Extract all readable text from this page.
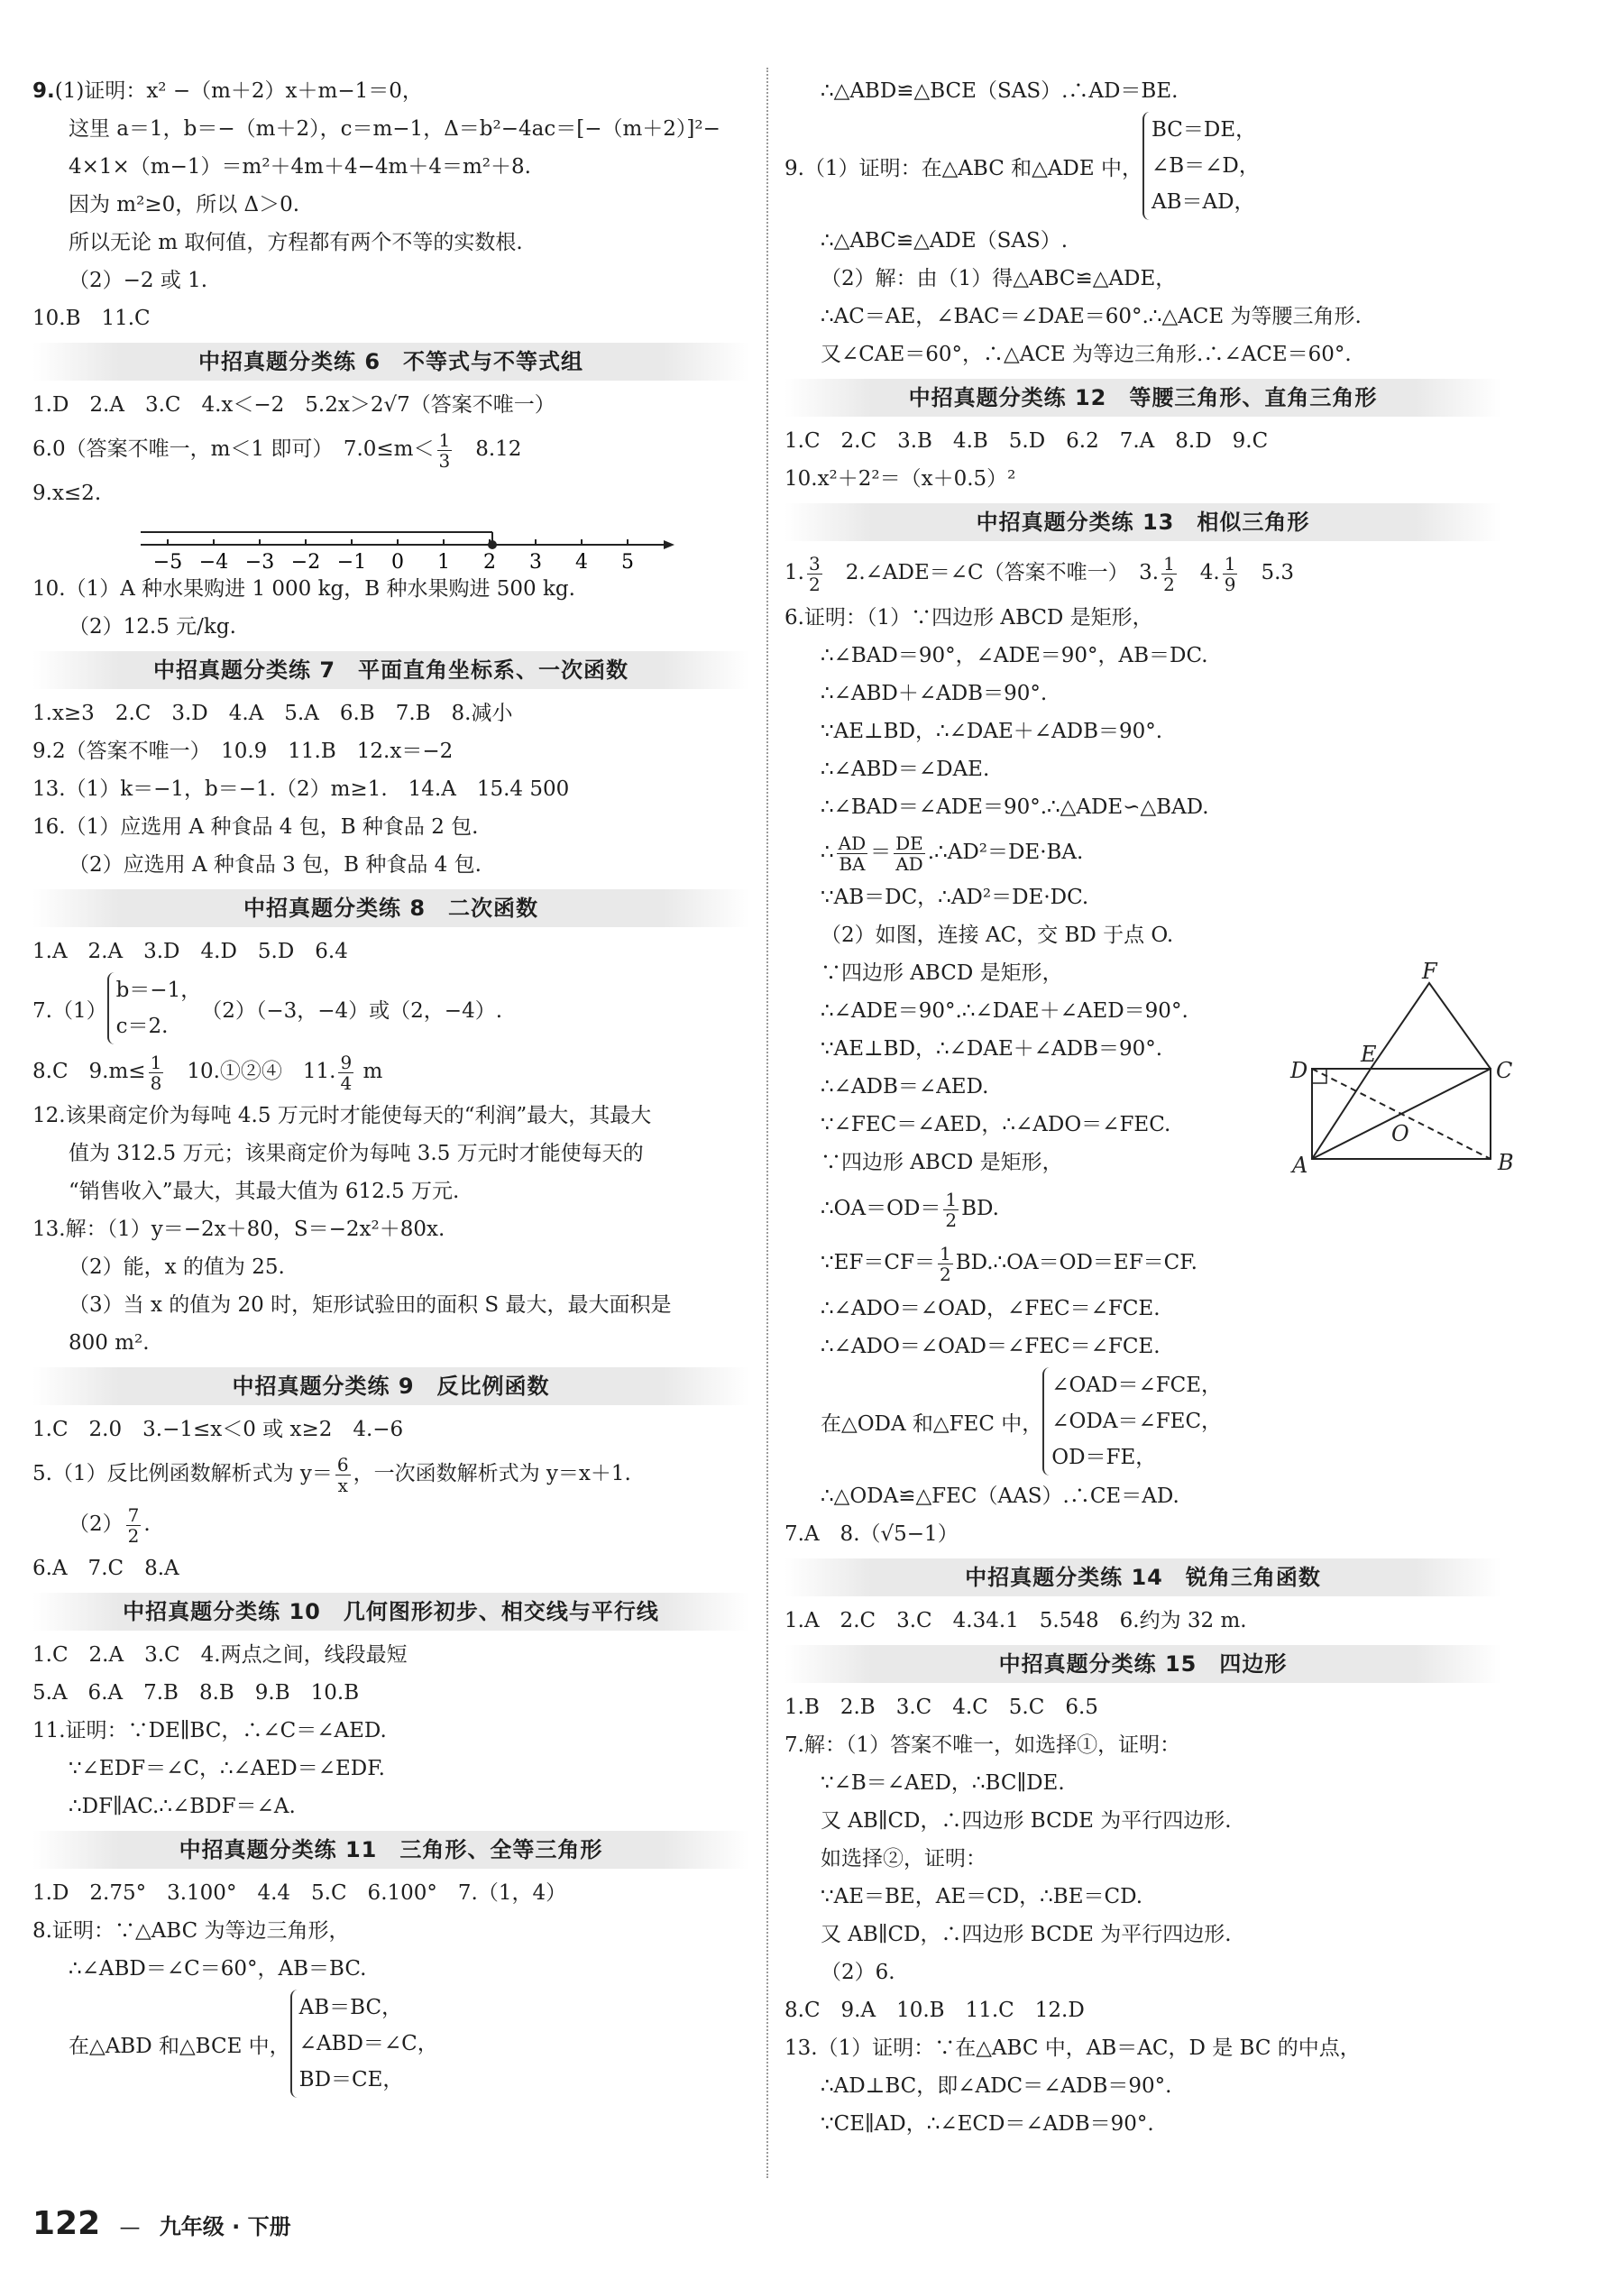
9.(1)证明：x² −（m＋2）x＋m−1＝0，
这里 a＝1，b＝−（m＋2），c＝m−1，Δ＝b²−4ac＝[−（m＋2）]²−
4×1×（m−1）＝m²＋4m＋4−4m＋4＝m²＋8.
因为 m²≥0，所以 Δ＞0.
所以无论 m 取何值，方程都有两个不等的实数根.
（2）−2 或 1.
10.B　11.C
中招真题分类练 6　不等式与不等式组
1.D　2.A　3.C　4.x＜−2　5.2x＞2√7（答案不唯一）
6.0（答案不唯一，m＜1 即可）　$7.0\le m< \frac{1}{3}$ 　8.12
9.x≤2.
−5 −4 −3 −2 −1 0 1 2 3 4 5
10.（1）A 种水果购进 1 000 kg，B 种水果购进 500 kg.
（2）12.5 元/kg.
中招真题分类练 7　平面直角坐标系、一次函数
1.x≥3　2.C　3.D　4.A　5.A　6.B　7.B　8.减小
9.2（答案不唯一）　10.9　11.B　12.x＝−2
13.（1）k＝−1，b＝−1.（2）m≥1.　14.A　15.4 500
16.（1）应选用 A 种食品 4 包，B 种食品 2 包.
（2）应选用 A 种食品 3 包，B 种食品 4 包.
中招真题分类练 8　二次函数
1.A　2.A　3.D　4.D　5.D　6.4
7.（1）
b＝−1，
c＝2.
（2）（−3，−4）或（2，−4）.
8.C　$9.m\le \frac{1}{8}$ 　10.①②④　11. $\frac{9}{4}$ m
12.该果商定价为每吨 4.5 万元时才能使每天的“利润”最大，其最大
值为 312.5 万元；该果商定价为每吨 3.5 万元时才能使每天的
“销售收入”最大，其最大值为 612.5 万元.
13.解：（1）y＝−2x＋80，S＝−2x²＋80x.
（2）能，x 的值为 25.
（3）当 x 的值为 20 时，矩形试验田的面积 S 最大，最大面积是
800 m².
中招真题分类练 9　反比例函数
1.C　2.0　3.−1≤x＜0 或 x≥2　4.−6
5.（1）反比例函数解析式为 $y= \frac{6}{x}$ ，一次函数解析式为 y＝x＋1.
$(2) \frac{7}{2}$ .
6.A　7.C　8.A
中招真题分类练 10　几何图形初步、相交线与平行线
1.C　2.A　3.C　4.两点之间，线段最短
5.A　6.A　7.B　8.B　9.B　10.B
11.证明：∵DE∥BC，∴∠C＝∠AED.
∵∠EDF＝∠C，∴∠AED＝∠EDF.
∴DF∥AC.∴∠BDF＝∠A.
中招真题分类练 11　三角形、全等三角形
1.D　2.75°　3.100°　4.4　5.C　6.100°　7.（1，4）
8.证明：∵△ABC 为等边三角形，
∴∠ABD＝∠C＝60°，AB＝BC.
在△ABD 和△BCE 中，
AB＝BC，
∠ABD＝∠C，
BD＝CE，
∴△ABD≌△BCE（SAS）.∴AD＝BE.
9.（1）证明：在△ABC 和△ADE 中，
BC＝DE，
∠B＝∠D，
AB＝AD，
∴△ABC≌△ADE（SAS）.
（2）解：由（1）得△ABC≌△ADE，
∴AC＝AE，∠BAC＝∠DAE＝60°.∴△ACE 为等腰三角形.
又∠CAE＝60°，∴△ACE 为等边三角形.∴∠ACE＝60°.
中招真题分类练 12　等腰三角形、直角三角形
1.C　2.C　3.B　4.B　5.D　6.2　7.A　8.D　9.C
10.x²＋2²＝（x＋0.5）²
中招真题分类练 13　相似三角形
1. $\frac{3}{2}$ 　2.∠ADE＝∠C（答案不唯一）　3. $\frac{1}{2}$ 　4. $\frac{1}{9}$ 　5.3
6.证明：（1）∵四边形 ABCD 是矩形，
∴∠BAD＝90°，∠ADE＝90°，AB＝DC.
∴∠ABD＋∠ADB＝90°.
∵AE⊥BD，∴∠DAE＋∠ADB＝90°.
∴∠ABD＝∠DAE.
∴∠BAD＝∠ADE＝90°.∴△ADE∽△BAD.
∴ $\frac{AD}{BA} = \frac{DE}{AD}$ .∴AD²＝DE·BA.
∵AB＝DC，∴AD²＝DE·DC.
（2）如图，连接 AC，交 BD 于点 O.
∵四边形 ABCD 是矩形，
∴∠ADE＝90°.∴∠DAE＋∠AED＝90°.
∵AE⊥BD，∴∠DAE＋∠ADB＝90°.
∴∠ADB＝∠AED.
∵∠FEC＝∠AED，∴∠ADO＝∠FEC.
∵四边形 ABCD 是矩形，
∴OA＝OD＝ $\frac{1}{2}$ BD.
∵EF＝CF＝ $\frac{1}{2}$ BD.∴OA＝OD＝EF＝CF.
∴∠ADO＝∠OAD，∠FEC＝∠FCE.
∴∠ADO＝∠OAD＝∠FEC＝∠FCE.
在△ODA 和△FEC 中，
∠OAD＝∠FCE，
∠ODA＝∠FEC，
OD＝FE，
∴△ODA≌△FEC（AAS）.∴CE＝AD.
7.A　8.（√5−1）
中招真题分类练 14　锐角三角函数
1.A　2.C　3.C　4.34.1　5.548　6.约为 32 m.
中招真题分类练 15　四边形
1.B　2.B　3.C　4.C　5.C　6.5
7.解：（1）答案不唯一，如选择①，证明：
∵∠B＝∠AED，∴BC∥DE.
又 AB∥CD，∴四边形 BCDE 为平行四边形.
如选择②，证明：
∵AE＝BE，AE＝CD，∴BE＝CD.
又 AB∥CD，∴四边形 BCDE 为平行四边形.
（2）6.
8.C　9.A　10.B　11.C　12.D
13.（1）证明：∵在△ABC 中，AB＝AC，D 是 BC 的中点，
∴AD⊥BC，即∠ADC＝∠ADB＝90°.
∵CE∥AD，∴∠ECD＝∠ADB＝90°.
F
D
E
C
O
A	B
122 — 九年级 · 下册
